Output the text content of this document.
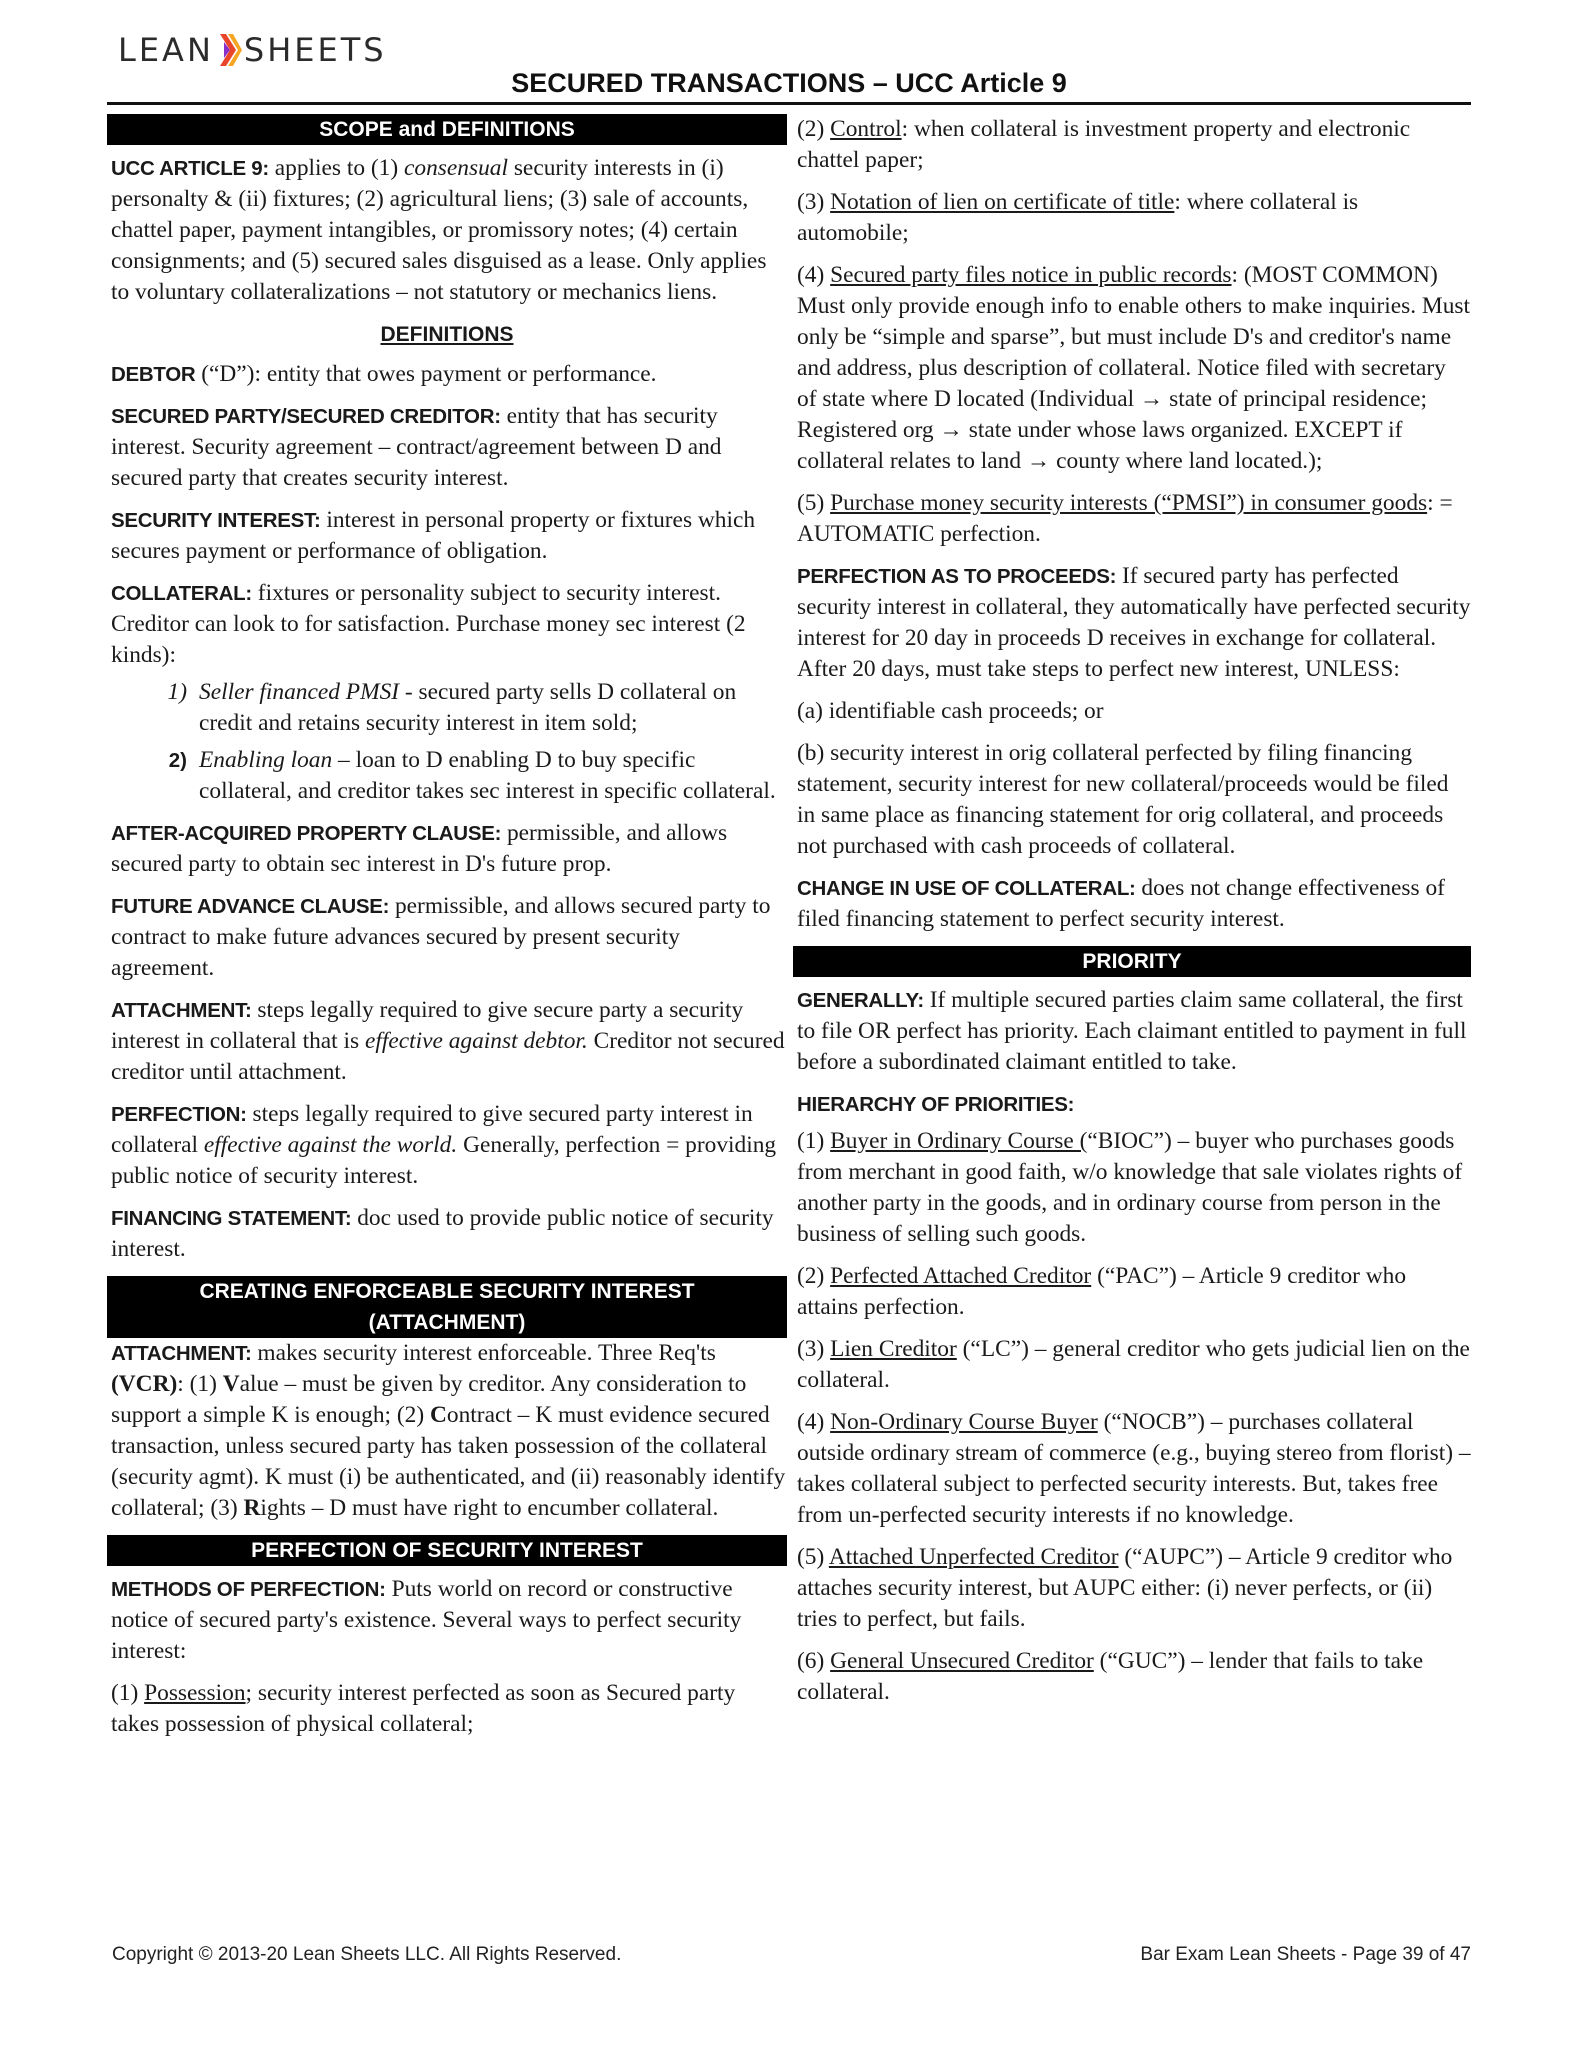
LEAN SHEETS
SECURED TRANSACTIONS – UCC Article 9
SCOPE and DEFINITIONS

UCC ARTICLE 9: applies to (1) consensual security interests in (i) personalty & (ii) fixtures; (2) agricultural liens; (3) sale of accounts, chattel paper, payment intangibles, or promissory notes; (4) certain consignments; and (5) secured sales disguised as a lease. Only applies to voluntary collateralizations – not statutory or mechanics liens.

DEFINITIONS

DEBTOR (“D”): entity that owes payment or performance.

SECURED PARTY/SECURED CREDITOR: entity that has security interest. Security agreement – contract/agreement between D and secured party that creates security interest.

SECURITY INTEREST: interest in personal property or fixtures which secures payment or performance of obligation.

COLLATERAL: fixtures or personality subject to security interest. Creditor can look to for satisfaction. Purchase money sec interest (2 kinds):

1) Seller financed PMSI - secured party sells D collateral on credit and retains security interest in item sold;
2) Enabling loan – loan to D enabling D to buy specific collateral, and creditor takes sec interest in specific collateral.

AFTER-ACQUIRED PROPERTY CLAUSE: permissible, and allows secured party to obtain sec interest in D's future prop.

FUTURE ADVANCE CLAUSE: permissible, and allows secured party to contract to make future advances secured by present security agreement.

ATTACHMENT: steps legally required to give secure party a security interest in collateral that is effective against debtor. Creditor not secured creditor until attachment.

PERFECTION: steps legally required to give secured party interest in collateral effective against the world. Generally, perfection = providing public notice of security interest.

FINANCING STATEMENT: doc used to provide public notice of security interest.

CREATING ENFORCEABLE SECURITY INTEREST
(ATTACHMENT)

ATTACHMENT: makes security interest enforceable. Three Req'ts (VCR): (1) Value – must be given by creditor. Any consideration to support a simple K is enough; (2) Contract – K must evidence secured transaction, unless secured party has taken possession of the collateral (security agmt). K must (i) be authenticated, and (ii) reasonably identify collateral; (3) Rights – D must have right to encumber collateral.

PERFECTION OF SECURITY INTEREST

METHODS OF PERFECTION: Puts world on record or constructive notice of secured party's existence. Several ways to perfect security interest:

(1) Possession; security interest perfected as soon as Secured party takes possession of physical collateral;

(2) Control: when collateral is investment property and electronic chattel paper;

(3) Notation of lien on certificate of title: where collateral is automobile;

(4) Secured party files notice in public records: (MOST COMMON) Must only provide enough info to enable others to make inquiries. Must only be “simple and sparse”, but must include D's and creditor's name and address, plus description of collateral. Notice filed with secretary of state where D located (Individual → state of principal residence; Registered org → state under whose laws organized. EXCEPT if collateral relates to land → county where land located.);

(5) Purchase money security interests (“PMSI”) in consumer goods: = AUTOMATIC perfection.

PERFECTION AS TO PROCEEDS: If secured party has perfected security interest in collateral, they automatically have perfected security interest for 20 day in proceeds D receives in exchange for collateral. After 20 days, must take steps to perfect new interest, UNLESS:

(a) identifiable cash proceeds; or

(b) security interest in orig collateral perfected by filing financing statement, security interest for new collateral/proceeds would be filed in same place as financing statement for orig collateral, and proceeds not purchased with cash proceeds of collateral.

CHANGE IN USE OF COLLATERAL: does not change effectiveness of filed financing statement to perfect security interest.

PRIORITY

GENERALLY: If multiple secured parties claim same collateral, the first to file OR perfect has priority. Each claimant entitled to payment in full before a subordinated claimant entitled to take.

HIERARCHY OF PRIORITIES:

(1) Buyer in Ordinary Course (“BIOC”) – buyer who purchases goods from merchant in good faith, w/o knowledge that sale violates rights of another party in the goods, and in ordinary course from person in the business of selling such goods.

(2) Perfected Attached Creditor (“PAC”) – Article 9 creditor who attains perfection.

(3) Lien Creditor (“LC”) – general creditor who gets judicial lien on the collateral.

(4) Non-Ordinary Course Buyer (“NOCB”) – purchases collateral outside ordinary stream of commerce (e.g., buying stereo from florist) – takes collateral subject to perfected security interests. But, takes free from un-perfected security interests if no knowledge.

(5) Attached Unperfected Creditor (“AUPC”) – Article 9 creditor who attaches security interest, but AUPC either: (i) never perfects, or (ii) tries to perfect, but fails.

(6) General Unsecured Creditor (“GUC”) – lender that fails to take collateral.

Copyright © 2013-20 Lean Sheets LLC. All Rights Reserved.	Bar Exam Lean Sheets - Page 39 of 47
